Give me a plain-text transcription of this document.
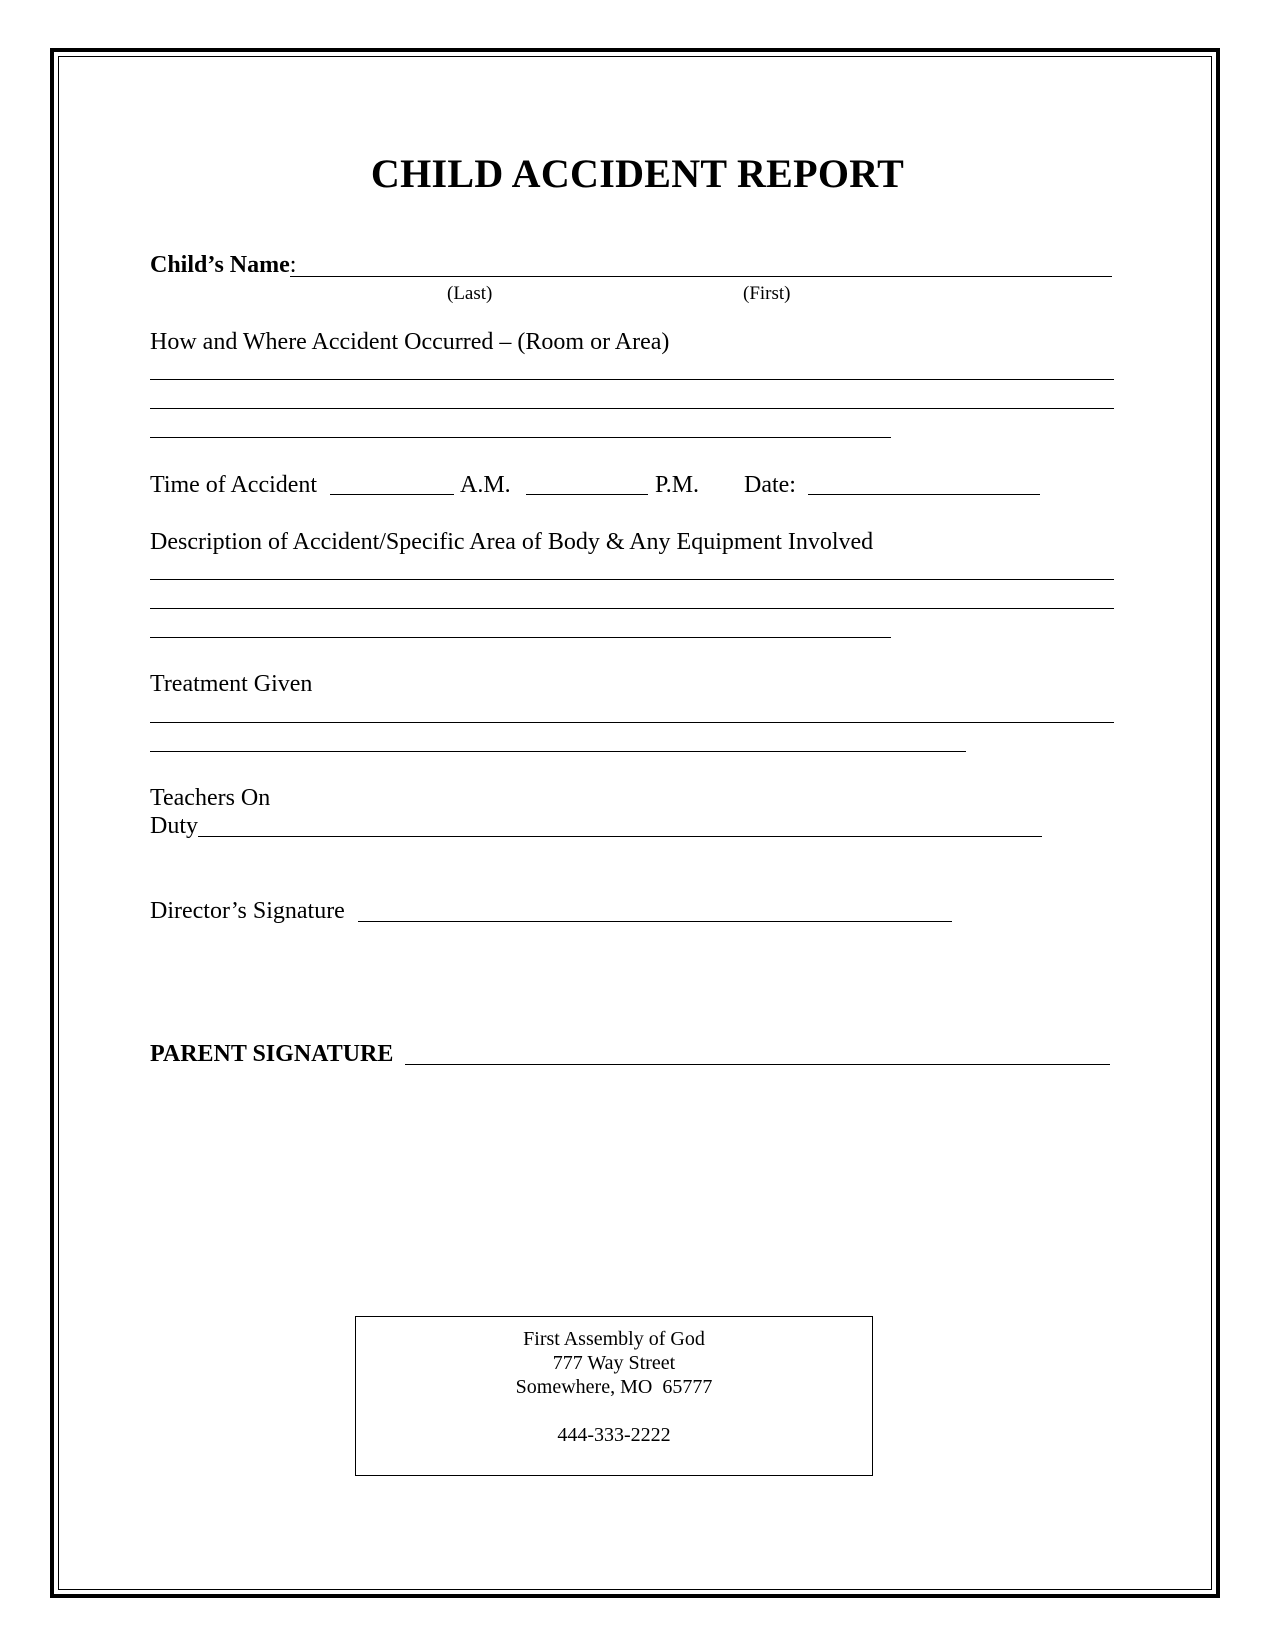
CHILD ACCIDENT REPORT
Child’s Name :
(Last)	(First)
How and Where Accident Occurred – (Room or Area)
Time of Accident	A.M.	P.M. Date:
Description of Accident/Specific Area of Body & Any Equipment Involved
Treatment Given
Teachers On
Duty
Director’s Signature
PARENT SIGNATURE
First Assembly of God
777 Way Street
Somewhere, MO  65777
444-333-2222
